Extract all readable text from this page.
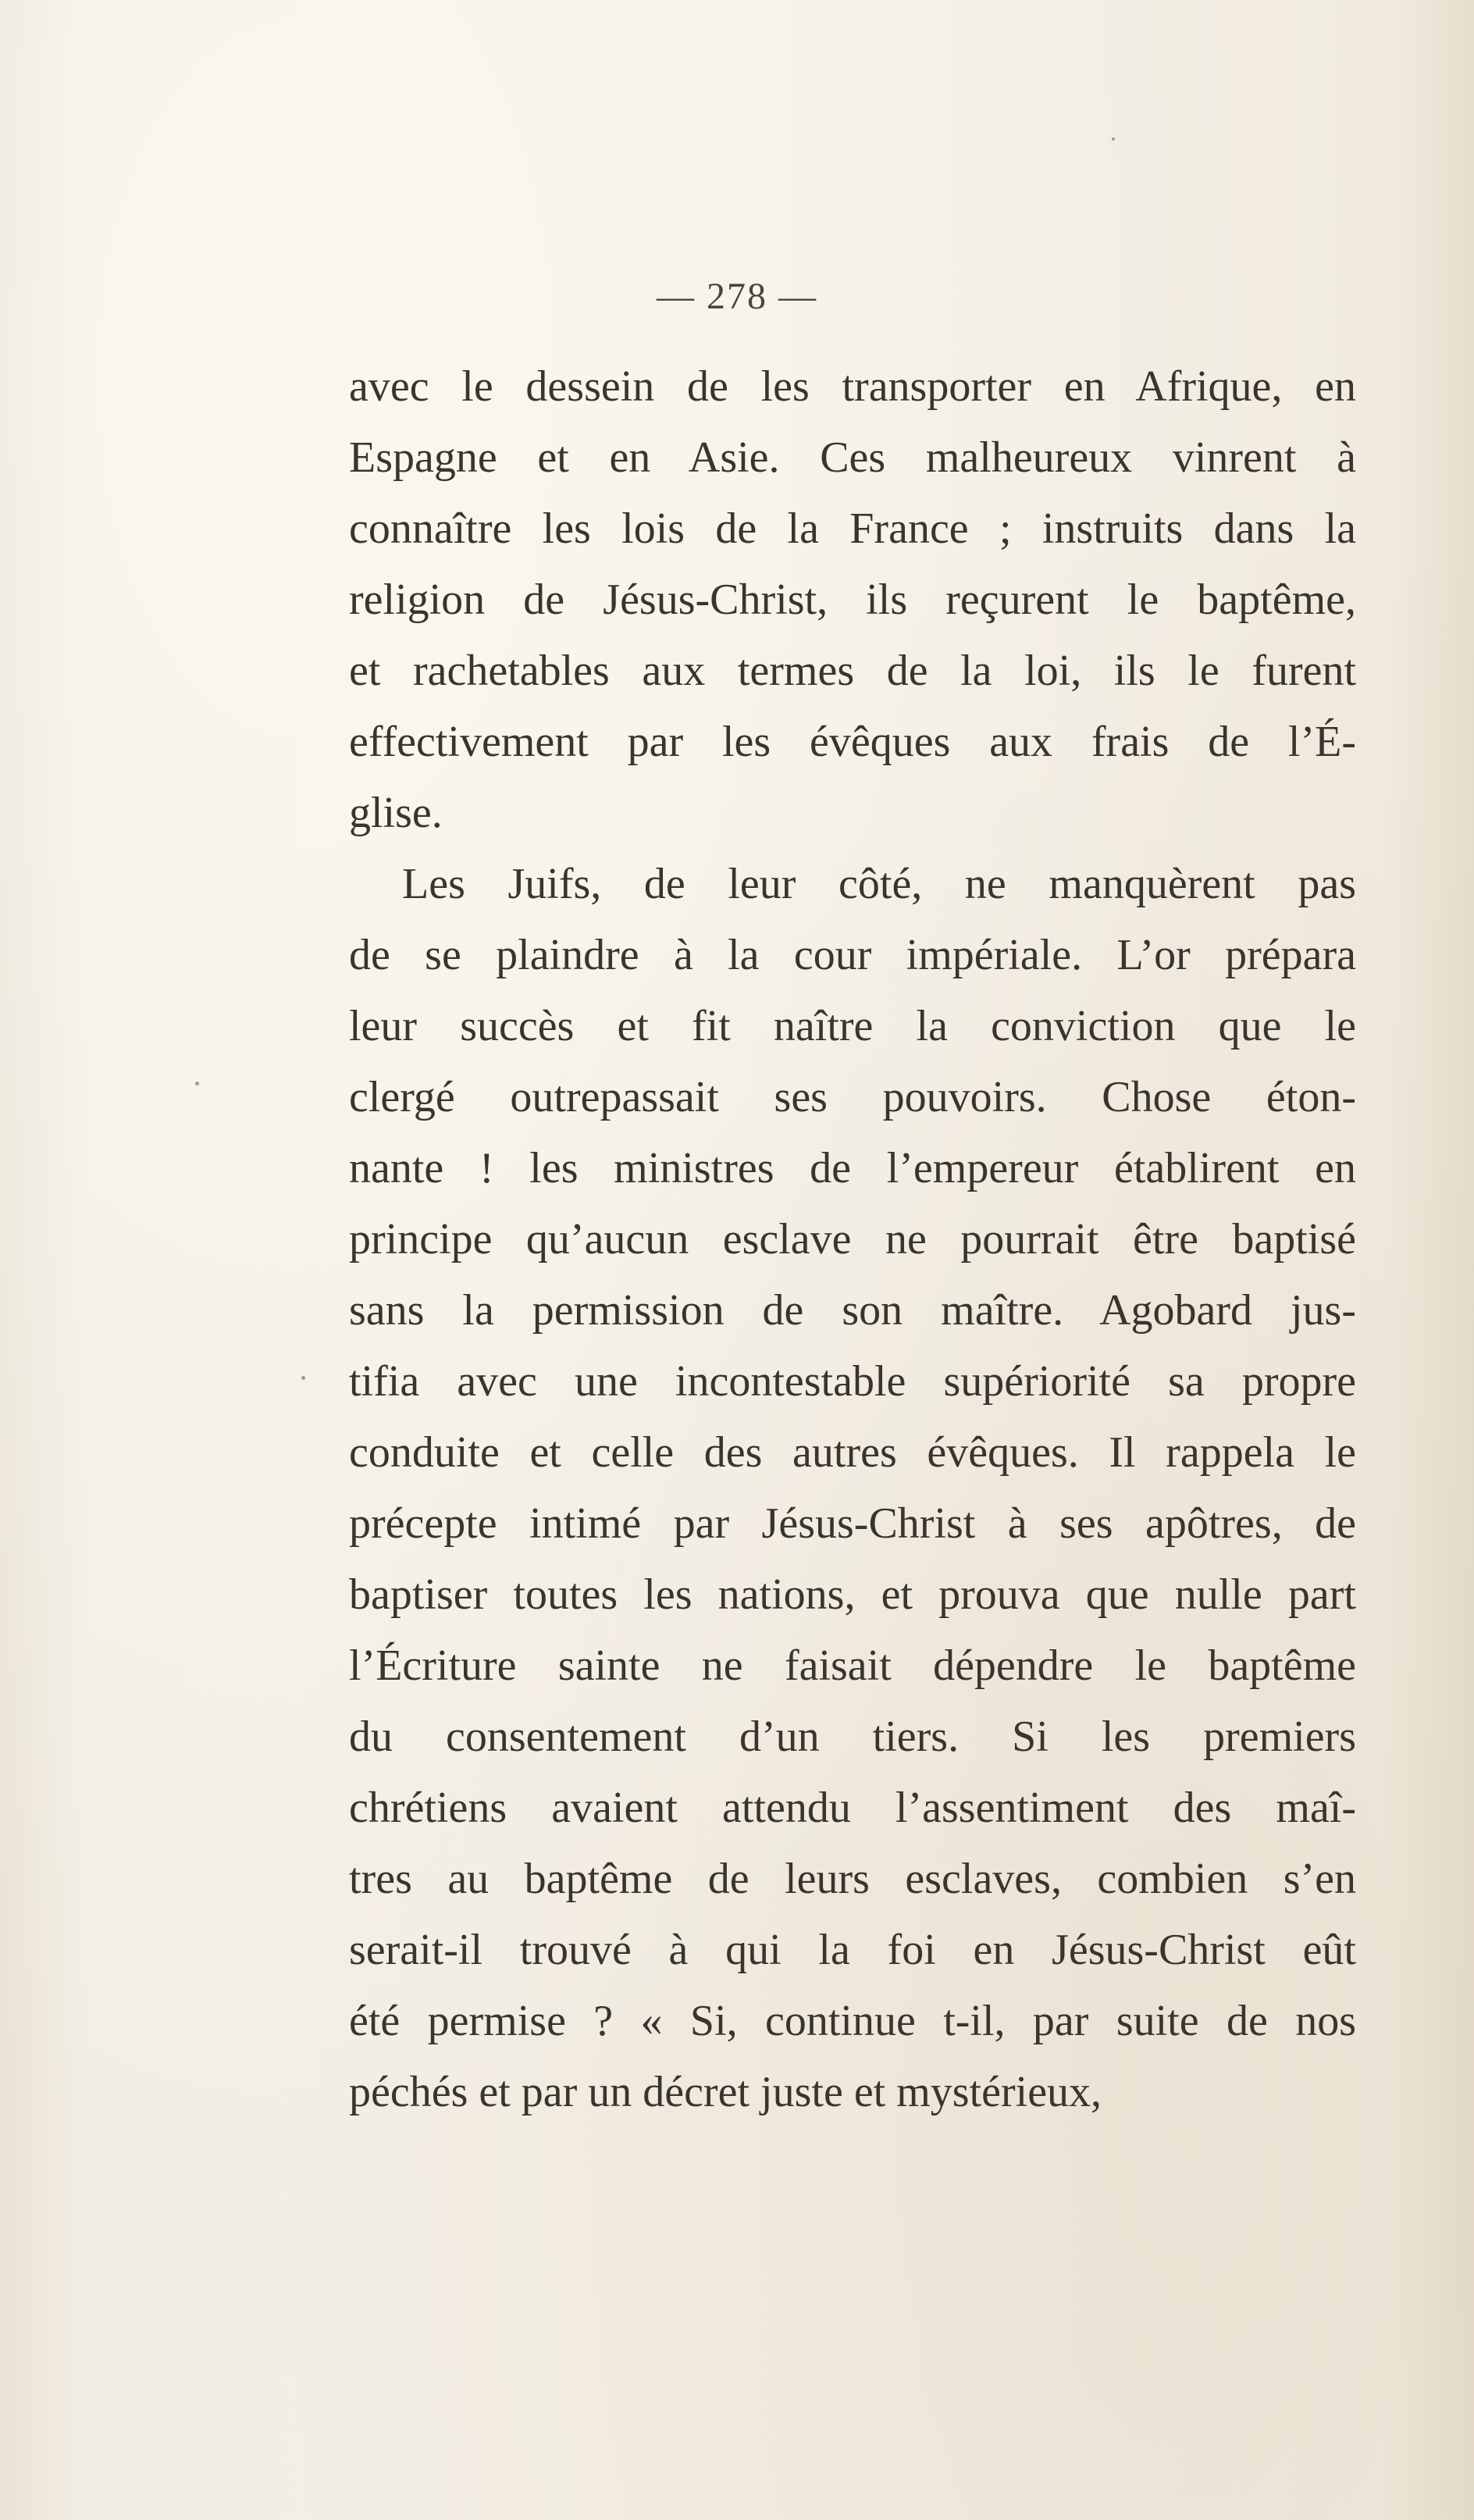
— 278 —
avec le dessein de les transporter en Afrique, en
Espagne et en Asie. Ces malheureux vinrent à
connaître les lois de la France ; instruits dans la
religion de Jésus-Christ, ils reçurent le baptême,
et rachetables aux termes de la loi, ils le furent
effectivement par les évêques aux frais de l’É-
glise.
Les Juifs, de leur côté, ne manquèrent pas
de se plaindre à la cour impériale. L’or prépara
leur succès et fit naître la conviction que le
clergé outrepassait ses pouvoirs. Chose éton-
nante ! les ministres de l’empereur établirent en
principe qu’aucun esclave ne pourrait être baptisé
sans la permission de son maître. Agobard jus-
tifia avec une incontestable supériorité sa propre
conduite et celle des autres évêques. Il rappela le
précepte intimé par Jésus-Christ à ses apôtres, de
baptiser toutes les nations, et prouva que nulle part
l’Écriture sainte ne faisait dépendre le baptême
du consentement d’un tiers. Si les premiers
chrétiens avaient attendu l’assentiment des maî-
tres au baptême de leurs esclaves, combien s’en
serait-il trouvé à qui la foi en Jésus-Christ eût
été permise ? « Si, continue t-il, par suite de nos
péchés et par un décret juste et mystérieux,
